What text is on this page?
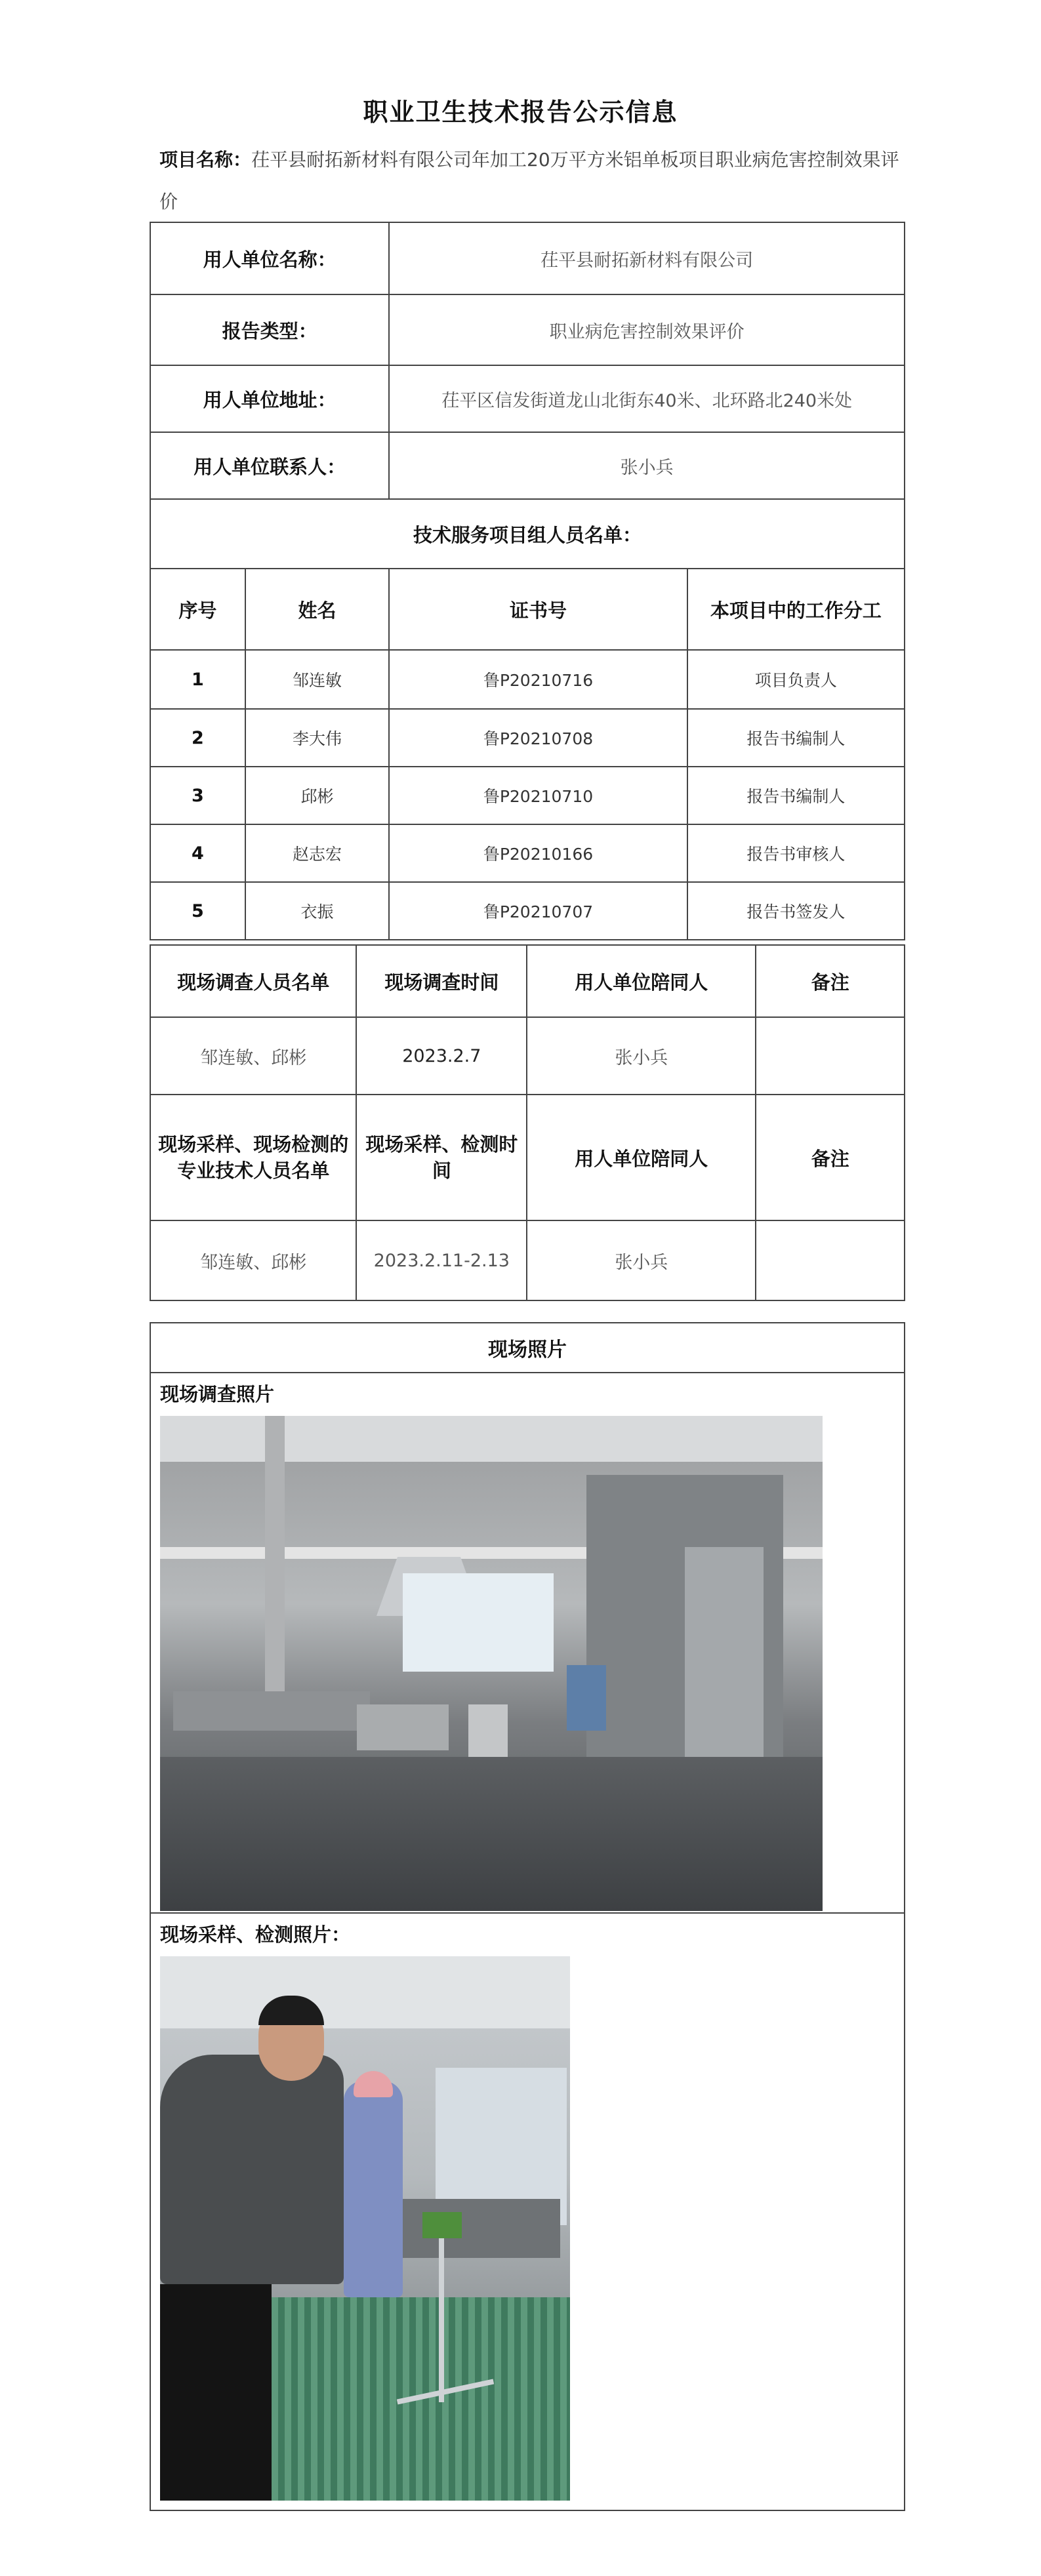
职业卫生技术报告公示信息
项目名称：茌平县耐拓新材料有限公司年加工20万平方米铝单板项目职业病危害控制效果评价
用人单位名称：		茌平县耐拓新材料有限公司	
报告类型：		职业病危害控制效果评价	
用人单位地址：		茌平区信发街道龙山北街东40米、北环路北240米处	
用人单位联系人：		张小兵	
技术服务项目组人员名单：			
序号	姓名	证书号	本项目中的工作分工
1	邹连敏	鲁P20210716	项目负责人
2	李大伟	鲁P20210708	报告书编制人
3	邱彬	鲁P20210710	报告书编制人
4	赵志宏	鲁P20210166	报告书审核人
5	衣振	鲁P20210707	报告书签发人
现场调查人员名单	现场调查时间	用人单位陪同人	备注
邹连敏、邱彬	2023.2.7	张小兵	
现场采样、现场检测的专业技术人员名单	现场采样、检测时间	用人单位陪同人	备注
邹连敏、邱彬	2023.2.11-2.13	张小兵	
现场照片

现场调查照片

现场采样、检测照片：
